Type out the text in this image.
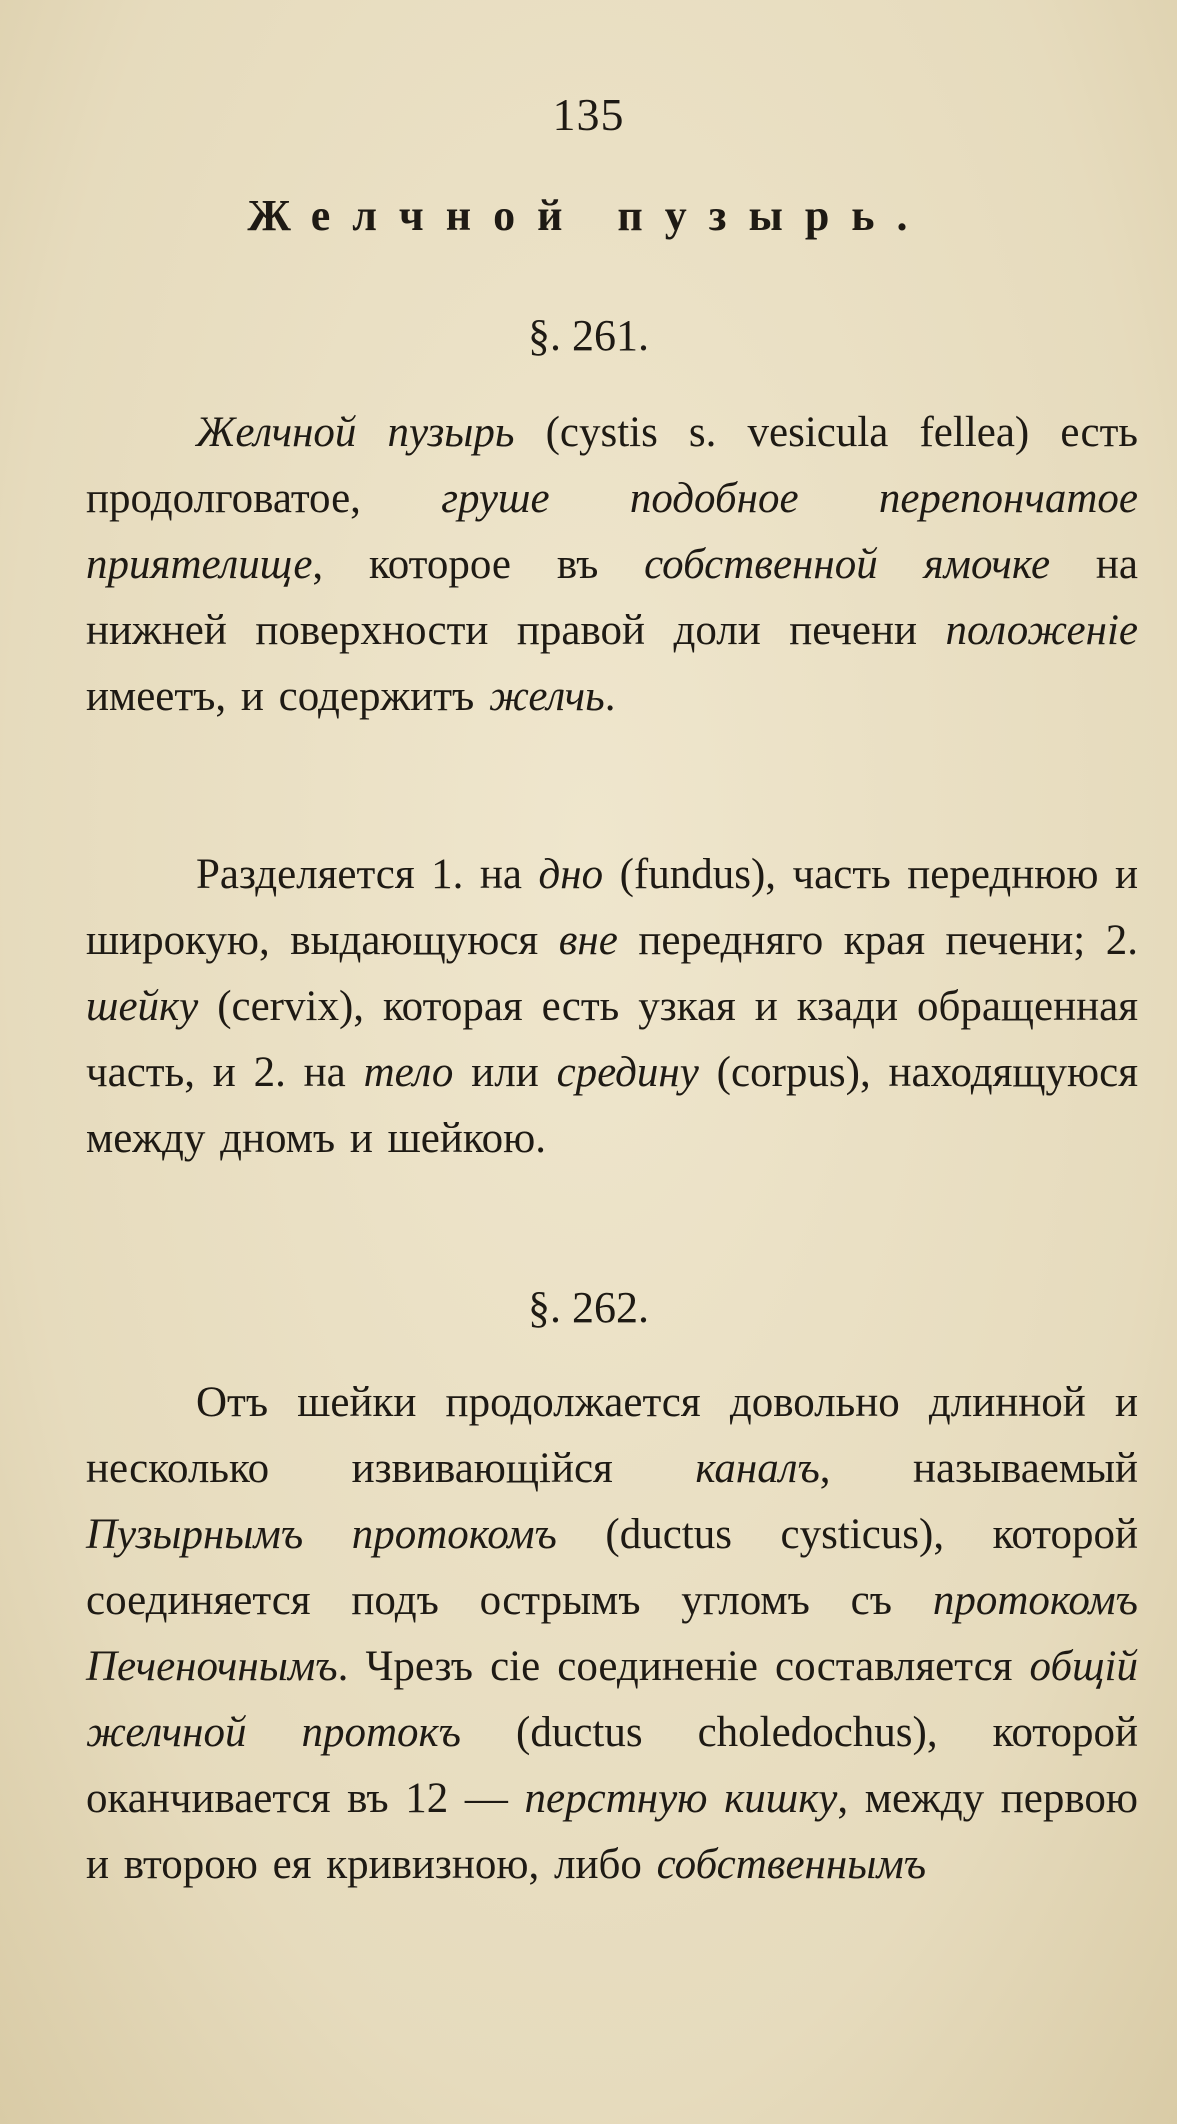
135
Желчной пузырь.
§. 261.

Желчной пузырь (cystis s. vesicula fellea) есть продолговатое, груше подобное перепончатое приятелище, которое въ собственной ямочке на нижней поверхности правой доли печени положенiе имеетъ, и содержитъ желчь.

Разделяется 1. на дно (fundus), часть переднюю и широкую, выдающуюся вне передняго края печени; 2. шейку (cervix), которая есть узкая и кзади обращенная часть, и 2. на тело или средину (corpus), находящуюся между дномъ и шейкою.

§. 262.

Отъ шейки продолжается довольно длинной и несколько извивающiйся каналъ, называемый Пузырнымъ протокомъ (ductus cysticus), которой соединяется подъ острымъ угломъ съ протокомъ Печеночнымъ. Чрезъ сiе соединенiе составляется общiй желчной протокъ (ductus choledochus), которой оканчивается въ 12 — перстную кишку, между первою и второю ея кривизною, либо собственнымъ
